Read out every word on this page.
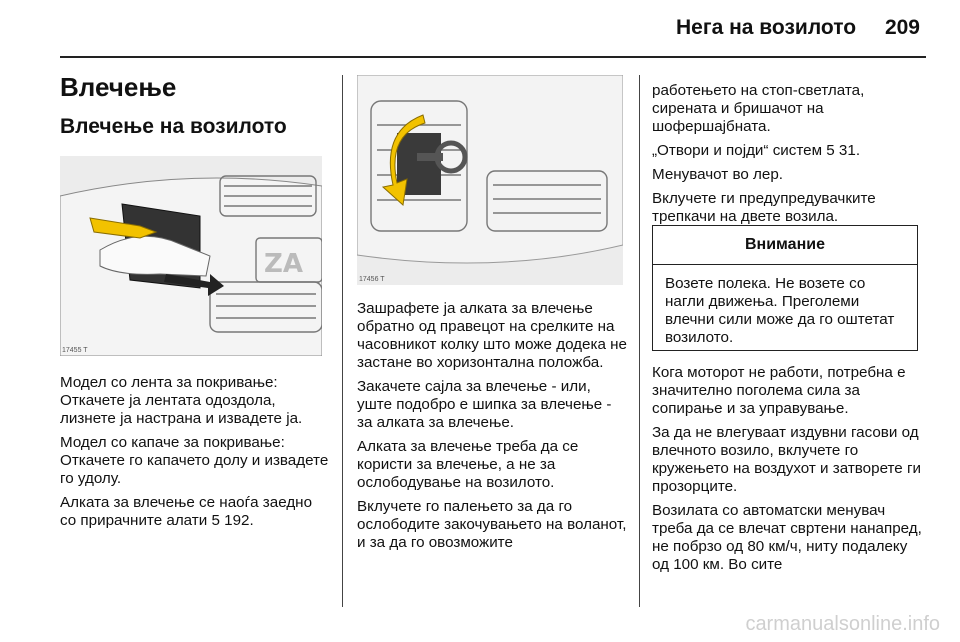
Нега на возилото 209
Влечење
Влечење на возилото
ZA
17455 T

Модел со лента за покривање: Откачете ја лентата одоздола, лизнете ја настрана и извадете ја.

Модел со капаче за покривање: Откачете го капачето долу и извадете го удолу.

Алката за влечење се наоѓа заедно со прирачните алати 5 192.

17456 T

Зашрафете ја алката за влечење обратно од правецот на срелките на часовникот колку што може додека не застане во хоризонтална положба.

Закачете сајла за влечење - или, уште подобро е шипка за влечење - за алката за влечење.

Алката за влечење треба да се користи за влечење, а не за ослободување на возилото.

Вклучете го палењето за да го ослободите закочувањето на воланот, и за да го овозможите

работењето на стоп-светлата, сирената и бришачот на шофершајбната.

„Отвори и појди“ систем 5 31.

Менувачот во лер.

Вклучете ги предупредувачките трепкачи на двете возила.

Внимание
Возете полека. Не возете со нагли движења. Преголеми влечни сили може да го оштетат возилото.

Кога моторот не работи, потребна е значително поголема сила за сопирање и за управување.

За да не влегуваат издувни гасови од влечното возило, вклучете го кружењето на воздухот и затворете ги прозорците.

Возилата со автоматски менувач треба да се влечат свртени нанапред, не побрзо од 80 км/ч, ниту подалеку од 100 км. Во сите

carmanualsonline.info
